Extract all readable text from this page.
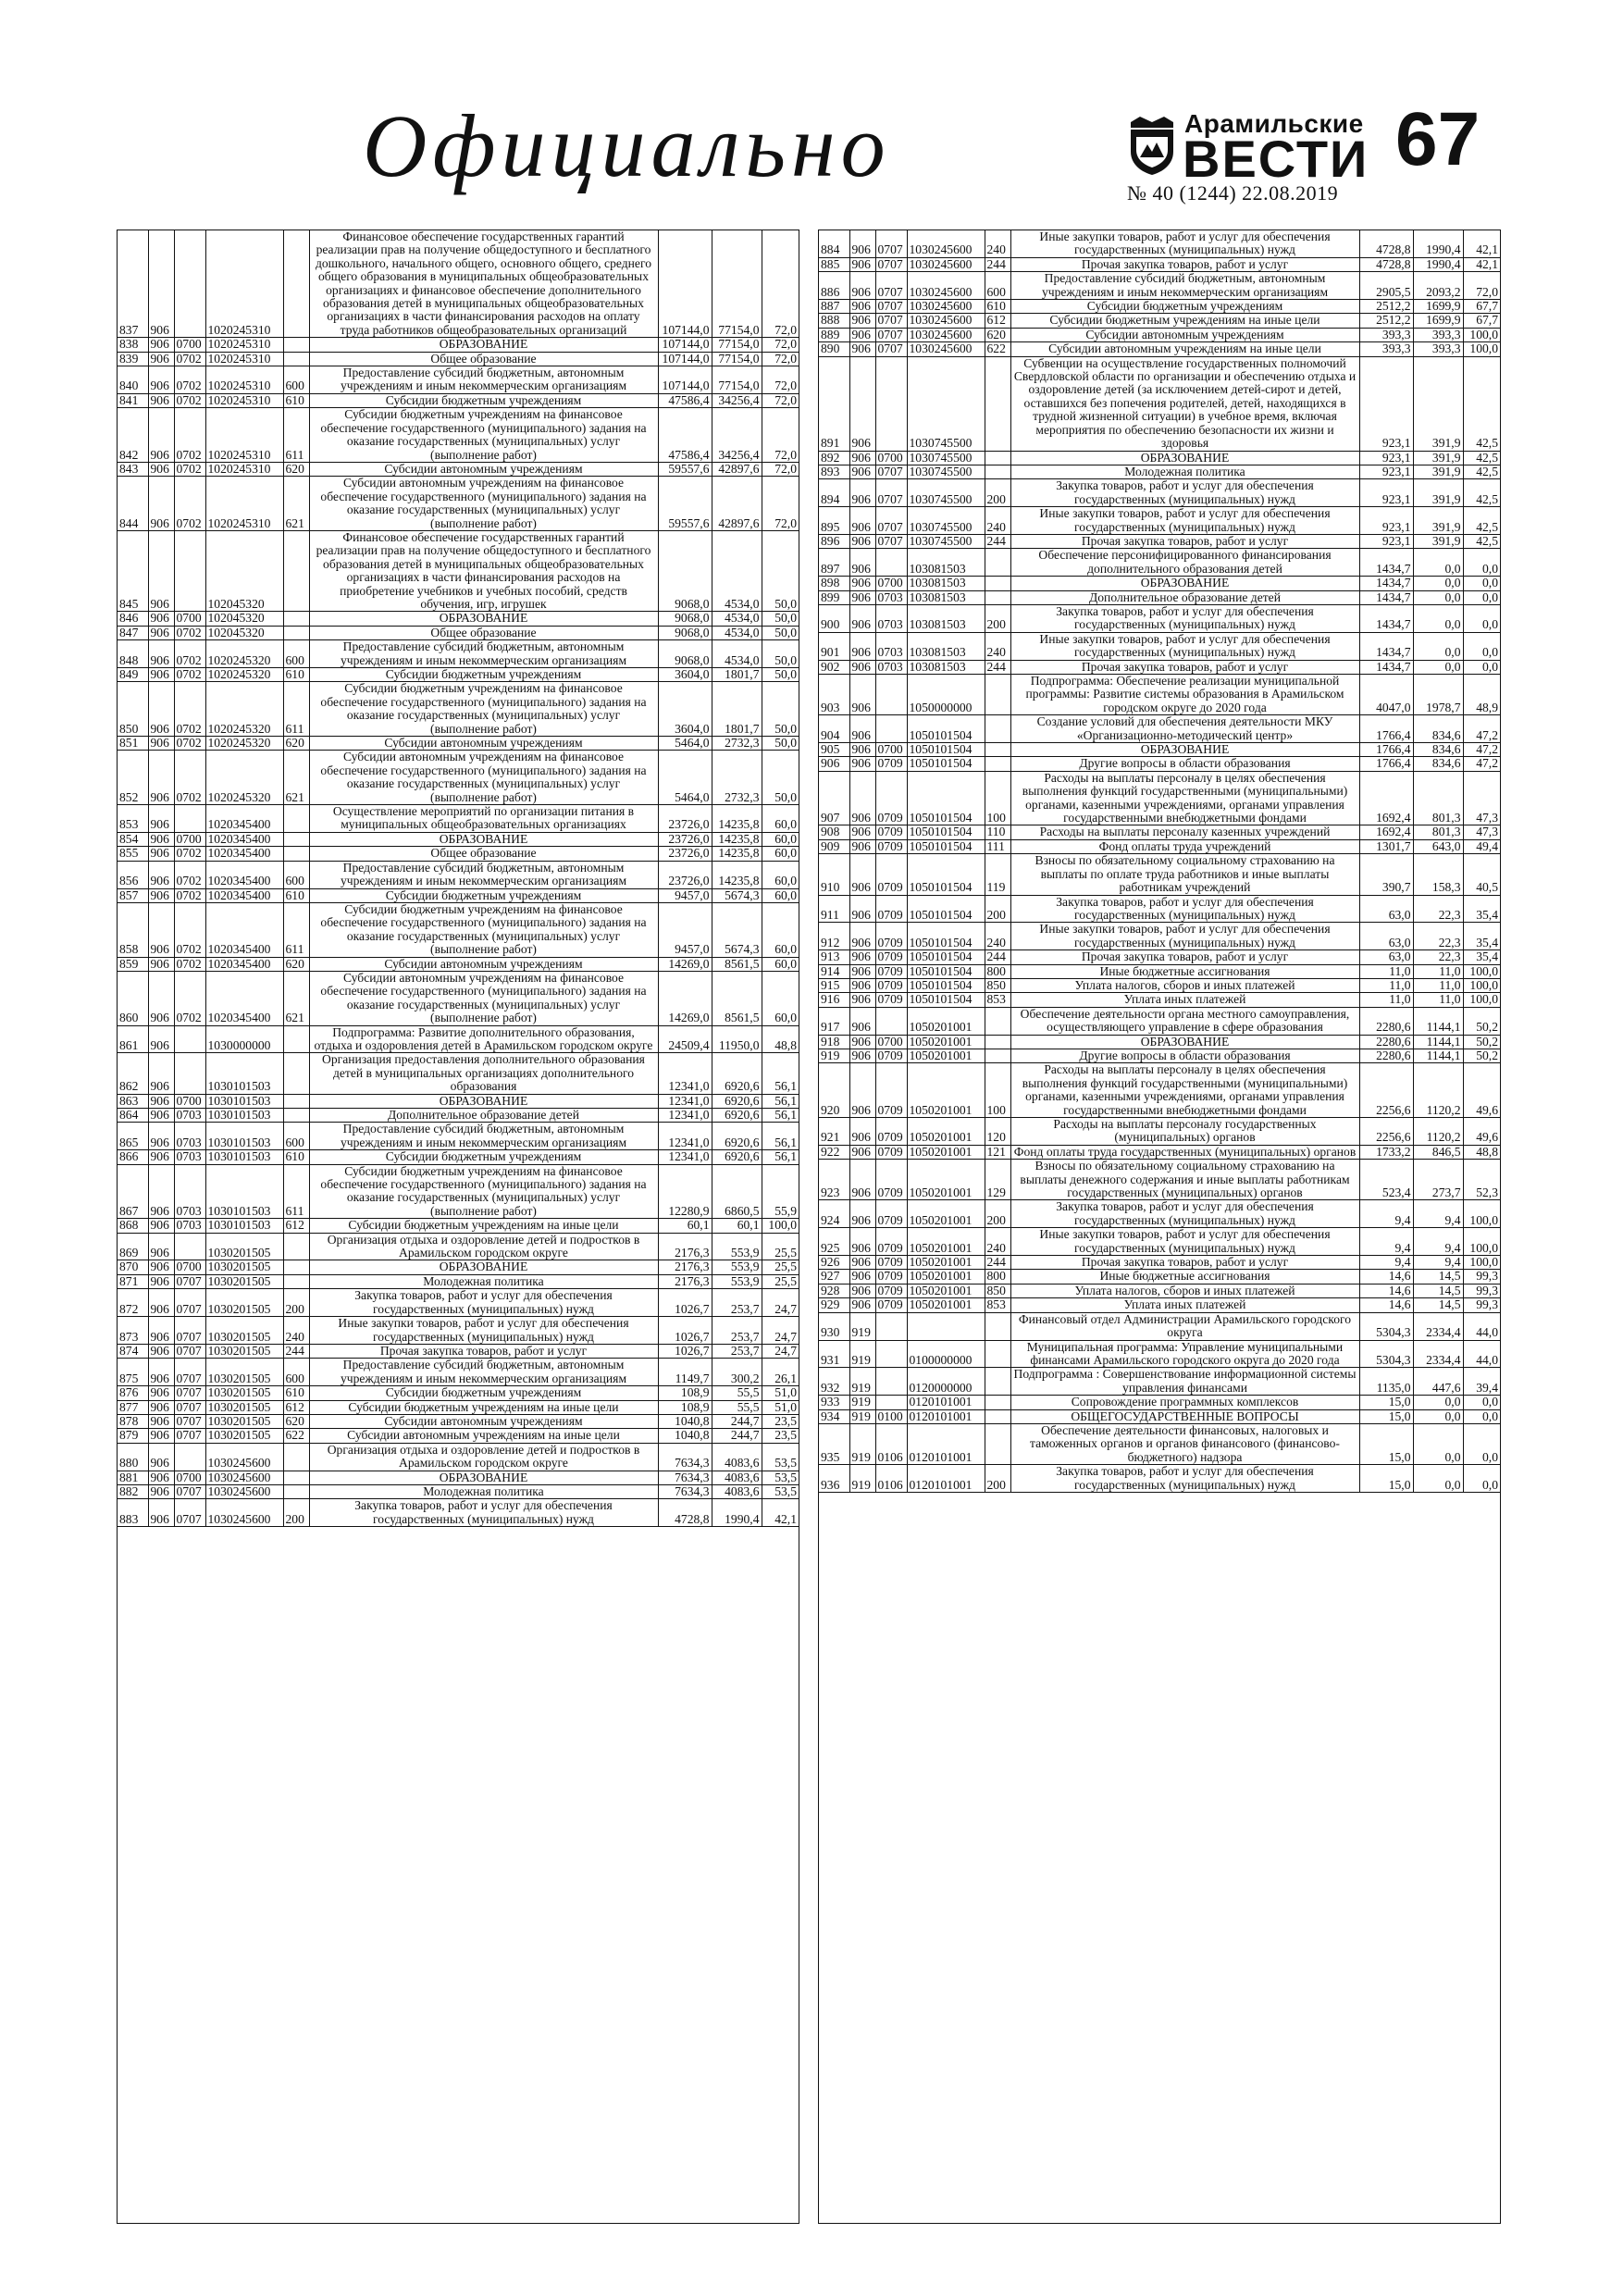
Официально	Арамильские
ВЕСТИ 67
№ 40 (1244) 22.08.2019
837	906		1020245310		Финансовое обеспечение государственных гарантий реализации прав на получение общедоступного и бесплатного дошкольного, начального общего, основного общего, среднего общего образования в муниципальных общеобразовательных организациях и финансовое обеспечение дополнительного образования детей в муниципальных общеобразовательных организациях в части финансирования расходов на оплату труда работников общеобразовательных организаций	107144,0	77154,0	72,0
838	906	0700	1020245310		ОБРАЗОВАНИЕ	107144,0	77154,0	72,0
839	906	0702	1020245310		Общее образование	107144,0	77154,0	72,0
840	906	0702	1020245310	600	Предоставление субсидий бюджетным, автономным учреждениям и иным некоммерческим организациям	107144,0	77154,0	72,0
841	906	0702	1020245310	610	Субсидии бюджетным учреждениям	47586,4	34256,4	72,0
842	906	0702	1020245310	611	Субсидии бюджетным учреждениям на финансовое обеспечение государственного (муниципального) задания на оказание государственных (муниципальных) услуг (выполнение работ)	47586,4	34256,4	72,0
843	906	0702	1020245310	620	Субсидии автономным учреждениям	59557,6	42897,6	72,0
844	906	0702	1020245310	621	Субсидии автономным учреждениям на финансовое обеспечение государственного (муниципального) задания на оказание государственных (муниципальных) услуг (выполнение работ)	59557,6	42897,6	72,0
845	906		102045320		Финансовое обеспечение государственных гарантий реализации прав на получение общедоступного и бесплатного образования детей в муниципальных общеобразовательных организациях в части финансирования расходов на приобретение учебников и учебных пособий, средств обучения, игр, игрушек	9068,0	4534,0	50,0
846	906	0700	102045320		ОБРАЗОВАНИЕ	9068,0	4534,0	50,0
847	906	0702	102045320		Общее образование	9068,0	4534,0	50,0
848	906	0702	1020245320	600	Предоставление субсидий бюджетным, автономным учреждениям и иным некоммерческим организациям	9068,0	4534,0	50,0
849	906	0702	1020245320	610	Субсидии бюджетным учреждениям	3604,0	1801,7	50,0
850	906	0702	1020245320	611	Субсидии бюджетным учреждениям на финансовое обеспечение государственного (муниципального) задания на оказание государственных (муниципальных) услуг (выполнение работ)	3604,0	1801,7	50,0
851	906	0702	1020245320	620	Субсидии автономным учреждениям	5464,0	2732,3	50,0
852	906	0702	1020245320	621	Субсидии автономным учреждениям на финансовое обеспечение государственного (муниципального) задания на оказание государственных (муниципальных) услуг (выполнение работ)	5464,0	2732,3	50,0
853	906		1020345400		Осуществление мероприятий по организации питания в муниципальных общеобразовательных организациях	23726,0	14235,8	60,0
854	906	0700	1020345400		ОБРАЗОВАНИЕ	23726,0	14235,8	60,0
855	906	0702	1020345400		Общее образование	23726,0	14235,8	60,0
856	906	0702	1020345400	600	Предоставление субсидий бюджетным, автономным учреждениям и иным некоммерческим организациям	23726,0	14235,8	60,0
857	906	0702	1020345400	610	Субсидии бюджетным учреждениям	9457,0	5674,3	60,0
858	906	0702	1020345400	611	Субсидии бюджетным учреждениям на финансовое обеспечение государственного (муниципального) задания на оказание государственных (муниципальных) услуг (выполнение работ)	9457,0	5674,3	60,0
859	906	0702	1020345400	620	Субсидии автономным учреждениям	14269,0	8561,5	60,0
860	906	0702	1020345400	621	Субсидии автономным учреждениям на финансовое обеспечение государственного (муниципального) задания на оказание государственных (муниципальных) услуг (выполнение работ)	14269,0	8561,5	60,0
861	906		1030000000		Подпрограмма: Развитие дополнительного образования, отдыха и оздоровления детей в Арамильском городском округе	24509,4	11950,0	48,8
862	906		1030101503		Организация предоставления дополнительного образования детей в муниципальных организациях дополнительного образования	12341,0	6920,6	56,1
863	906	0700	1030101503		ОБРАЗОВАНИЕ	12341,0	6920,6	56,1
864	906	0703	1030101503		Дополнительное образование детей	12341,0	6920,6	56,1
865	906	0703	1030101503	600	Предоставление субсидий бюджетным, автономным учреждениям и иным некоммерческим организациям	12341,0	6920,6	56,1
866	906	0703	1030101503	610	Субсидии бюджетным учреждениям	12341,0	6920,6	56,1
867	906	0703	1030101503	611	Субсидии бюджетным учреждениям на финансовое обеспечение государственного (муниципального) задания на оказание государственных (муниципальных) услуг (выполнение работ)	12280,9	6860,5	55,9
868	906	0703	1030101503	612	Субсидии бюджетным учреждениям на иные цели	60,1	60,1	100,0
869	906		1030201505		Организация отдыха и оздоровление детей и подростков в Арамильском городском округе	2176,3	553,9	25,5
870	906	0700	1030201505		ОБРАЗОВАНИЕ	2176,3	553,9	25,5
871	906	0707	1030201505		Молодежная политика	2176,3	553,9	25,5
872	906	0707	1030201505	200	Закупка товаров, работ и услуг для обеспечения государственных (муниципальных) нужд	1026,7	253,7	24,7
873	906	0707	1030201505	240	Иные закупки товаров, работ и услуг для обеспечения государственных (муниципальных) нужд	1026,7	253,7	24,7
874	906	0707	1030201505	244	Прочая закупка товаров, работ и услуг	1026,7	253,7	24,7
875	906	0707	1030201505	600	Предоставление субсидий бюджетным, автономным учреждениям и иным некоммерческим организациям	1149,7	300,2	26,1
876	906	0707	1030201505	610	Субсидии бюджетным учреждениям	108,9	55,5	51,0
877	906	0707	1030201505	612	Субсидии бюджетным учреждениям на иные цели	108,9	55,5	51,0
878	906	0707	1030201505	620	Субсидии автономным учреждениям	1040,8	244,7	23,5
879	906	0707	1030201505	622	Субсидии автономным учреждениям на иные цели	1040,8	244,7	23,5
880	906		1030245600		Организация отдыха и оздоровление детей и подростков в Арамильском городском округе	7634,3	4083,6	53,5
881	906	0700	1030245600		ОБРАЗОВАНИЕ	7634,3	4083,6	53,5
882	906	0707	1030245600		Молодежная политика	7634,3	4083,6	53,5
883	906	0707	1030245600	200	Закупка товаров, работ и услуг для обеспечения государственных (муниципальных) нужд	4728,8	1990,4	42,1
884	906	0707	1030245600	240	Иные закупки товаров, работ и услуг для обеспечения государственных (муниципальных) нужд	4728,8	1990,4	42,1
885	906	0707	1030245600	244	Прочая закупка товаров, работ и услуг	4728,8	1990,4	42,1
886	906	0707	1030245600	600	Предоставление субсидий бюджетным, автономным учреждениям и иным некоммерческим организациям	2905,5	2093,2	72,0
887	906	0707	1030245600	610	Субсидии бюджетным учреждениям	2512,2	1699,9	67,7
888	906	0707	1030245600	612	Субсидии бюджетным учреждениям на иные цели	2512,2	1699,9	67,7
889	906	0707	1030245600	620	Субсидии автономным учреждениям	393,3	393,3	100,0
890	906	0707	1030245600	622	Субсидии автономным учреждениям на иные цели	393,3	393,3	100,0
891	906		1030745500		Субвенции на осуществление государственных полномочий Свердловской области по организации и обеспечению отдыха и оздоровление детей (за исключением детей-сирот и детей, оставшихся без попечения родителей, детей, находящихся в трудной жизненной ситуации) в учебное время, включая мероприятия по обеспечению безопасности их жизни и здоровья	923,1	391,9	42,5
892	906	0700	1030745500		ОБРАЗОВАНИЕ	923,1	391,9	42,5
893	906	0707	1030745500		Молодежная политика	923,1	391,9	42,5
894	906	0707	1030745500	200	Закупка товаров, работ и услуг для обеспечения государственных (муниципальных) нужд	923,1	391,9	42,5
895	906	0707	1030745500	240	Иные закупки товаров, работ и услуг для обеспечения государственных (муниципальных) нужд	923,1	391,9	42,5
896	906	0707	1030745500	244	Прочая закупка товаров, работ и услуг	923,1	391,9	42,5
897	906		103081503		Обеспечение персонифицированного финансирования дополнительного образования детей	1434,7	0,0	0,0
898	906	0700	103081503		ОБРАЗОВАНИЕ	1434,7	0,0	0,0
899	906	0703	103081503		Дополнительное образование детей	1434,7	0,0	0,0
900	906	0703	103081503	200	Закупка товаров, работ и услуг для обеспечения государственных (муниципальных) нужд	1434,7	0,0	0,0
901	906	0703	103081503	240	Иные закупки товаров, работ и услуг для обеспечения государственных (муниципальных) нужд	1434,7	0,0	0,0
902	906	0703	103081503	244	Прочая закупка товаров, работ и услуг	1434,7	0,0	0,0
903	906		1050000000		Подпрограмма: Обеспечение реализации муниципальной программы: Развитие системы образования в Арамильском городском округе до 2020 года	4047,0	1978,7	48,9
904	906		1050101504		Создание условий для обеспечения деятельности МКУ «Организационно-методический центр»	1766,4	834,6	47,2
905	906	0700	1050101504		ОБРАЗОВАНИЕ	1766,4	834,6	47,2
906	906	0709	1050101504		Другие вопросы в области образования	1766,4	834,6	47,2
907	906	0709	1050101504	100	Расходы на выплаты персоналу в целях обеспечения выполнения функций государственными (муниципальными) органами, казенными учреждениями, органами управления государственными внебюджетными фондами	1692,4	801,3	47,3
908	906	0709	1050101504	110	Расходы на выплаты персоналу казенных учреждений	1692,4	801,3	47,3
909	906	0709	1050101504	111	Фонд оплаты труда учреждений	1301,7	643,0	49,4
910	906	0709	1050101504	119	Взносы по обязательному социальному страхованию на выплаты по оплате труда работников и иные выплаты работникам учреждений	390,7	158,3	40,5
911	906	0709	1050101504	200	Закупка товаров, работ и услуг для обеспечения государственных (муниципальных) нужд	63,0	22,3	35,4
912	906	0709	1050101504	240	Иные закупки товаров, работ и услуг для обеспечения государственных (муниципальных) нужд	63,0	22,3	35,4
913	906	0709	1050101504	244	Прочая закупка товаров, работ и услуг	63,0	22,3	35,4
914	906	0709	1050101504	800	Иные бюджетные ассигнования	11,0	11,0	100,0
915	906	0709	1050101504	850	Уплата налогов, сборов и иных платежей	11,0	11,0	100,0
916	906	0709	1050101504	853	Уплата иных платежей	11,0	11,0	100,0
917	906		1050201001		Обеспечение деятельности органа местного самоуправления, осуществляющего управление в сфере образования	2280,6	1144,1	50,2
918	906	0700	1050201001		ОБРАЗОВАНИЕ	2280,6	1144,1	50,2
919	906	0709	1050201001		Другие вопросы в области образования	2280,6	1144,1	50,2
920	906	0709	1050201001	100	Расходы на выплаты персоналу в целях обеспечения выполнения функций государственными (муниципальными) органами, казенными учреждениями, органами управления государственными внебюджетными фондами	2256,6	1120,2	49,6
921	906	0709	1050201001	120	Расходы на выплаты персоналу государственных (муниципальных) органов	2256,6	1120,2	49,6
922	906	0709	1050201001	121	Фонд оплаты труда государственных (муниципальных) органов	1733,2	846,5	48,8
923	906	0709	1050201001	129	Взносы по обязательному социальному страхованию на выплаты денежного содержания и иные выплаты работникам государственных (муниципальных) органов	523,4	273,7	52,3
924	906	0709	1050201001	200	Закупка товаров, работ и услуг для обеспечения государственных (муниципальных) нужд	9,4	9,4	100,0
925	906	0709	1050201001	240	Иные закупки товаров, работ и услуг для обеспечения государственных (муниципальных) нужд	9,4	9,4	100,0
926	906	0709	1050201001	244	Прочая закупка товаров, работ и услуг	9,4	9,4	100,0
927	906	0709	1050201001	800	Иные бюджетные ассигнования	14,6	14,5	99,3
928	906	0709	1050201001	850	Уплата налогов, сборов и иных платежей	14,6	14,5	99,3
929	906	0709	1050201001	853	Уплата иных платежей	14,6	14,5	99,3
930	919				Финансовый отдел Администрации Арамильского городского округа	5304,3	2334,4	44,0
931	919		0100000000		Муниципальная программа: Управление муниципальными финансами Арамильского городского округа до 2020 года	5304,3	2334,4	44,0
932	919		0120000000		Подпрограмма : Совершенствование информационной системы управления финансами	1135,0	447,6	39,4
933	919		0120101001		Сопровождение программных комплексов	15,0	0,0	0,0
934	919	0100	0120101001		ОБЩЕГОСУДАРСТВЕННЫЕ ВОПРОСЫ	15,0	0,0	0,0
935	919	0106	0120101001		Обеспечение деятельности финансовых, налоговых и таможенных органов и органов финансового (финансово-бюджетного) надзора	15,0	0,0	0,0
936	919	0106	0120101001	200	Закупка товаров, работ и услуг для обеспечения государственных (муниципальных) нужд	15,0	0,0	0,0
